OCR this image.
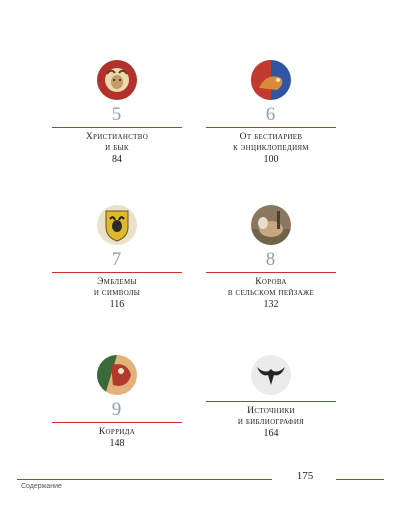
5
Христианство
и бык
84
6
От бестиариев
к энциклопедиям
100
7
Эмблемы
и символы
116
8
Корова
в сельском пейзаже
132
9
Коррида
148
Источники
и библиография
164
175
Содержание
